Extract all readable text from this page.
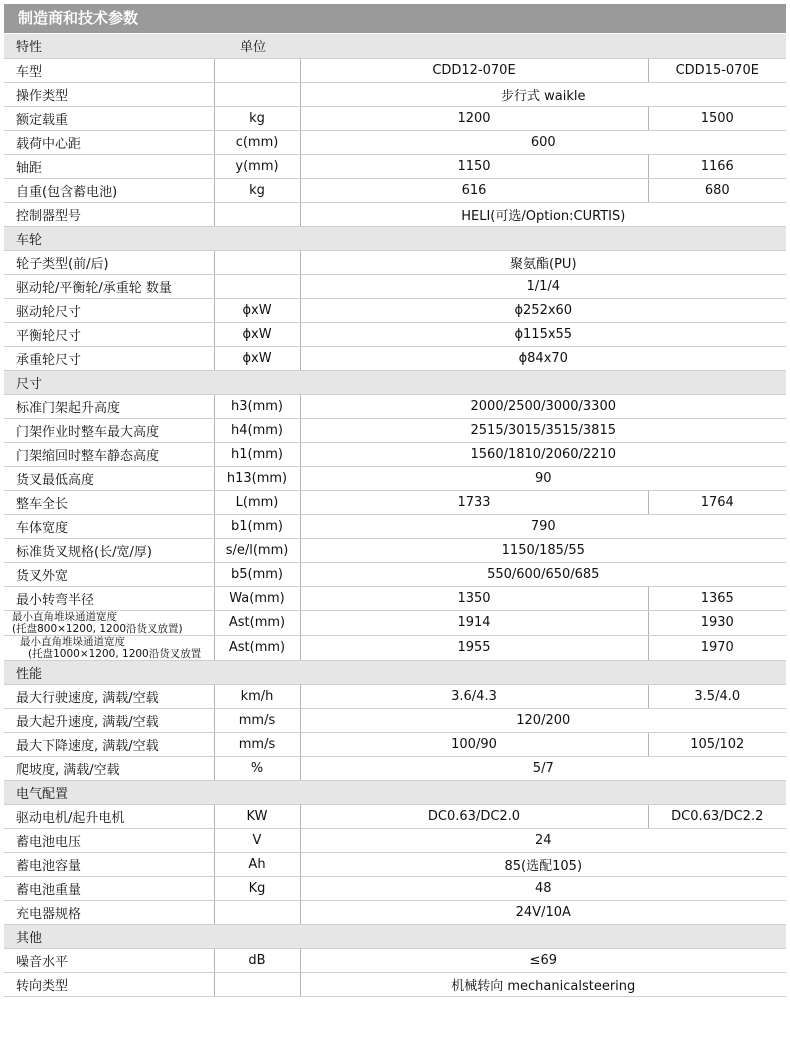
制造商和技术参数
特性	单位		
车型		CDD12-070E	CDD15-070E
操作类型		步行式 waikle	
额定载重	kg	1200	1500
载荷中心距	c(mm)	600	
轴距	y(mm)	1150	1166
自重(包含蓄电池)	kg	616	680
控制器型号		HELI(可选/Option:CURTIS)	
车轮			
轮子类型(前/后)		聚氨酯(PU)	
驱动轮/平衡轮/承重轮 数量		1/1/4	
驱动轮尺寸	ϕxW	ϕ252x60	
平衡轮尺寸	ϕxW	ϕ115x55	
承重轮尺寸	ϕxW	ϕ84x70	
尺寸			
标准门架起升高度	h3(mm)	2000/2500/3000/3300	
门架作业时整车最大高度	h4(mm)	2515/3015/3515/3815	
门架缩回时整车静态高度	h1(mm)	1560/1810/2060/2210	
货叉最低高度	h13(mm)	90	
整车全长	L(mm)	1733	1764
车体宽度	b1(mm)	790	
标准货叉规格(长/宽/厚)	s/e/l(mm)	1150/185/55	
货叉外宽	b5(mm)	550/600/650/685	
最小转弯半径	Wa(mm)	1350	1365

最小直角堆垛通道宽度
(托盘800×1200, 1200沿货叉放置)	Ast(mm)	1914	1930

最小直角堆垛通道宽度
(托盘1000×1200, 1200沿货叉放置	Ast(mm)	1955	1970
性能			
最大行驶速度, 满载/空载	km/h	3.6/4.3	3.5/4.0
最大起升速度, 满载/空载	mm/s	120/200	
最大下降速度, 满载/空载	mm/s	100/90	105/102
爬坡度, 满载/空载	%	5/7	
电气配置			
驱动电机/起升电机	KW	DC0.63/DC2.0	DC0.63/DC2.2
蓄电池电压	V	24	
蓄电池容量	Ah	85(选配105)	
蓄电池重量	Kg	48	
充电器规格		24V/10A	
其他			
噪音水平	dB	≤69	
转向类型		机械转向 mechanicalsteering	
